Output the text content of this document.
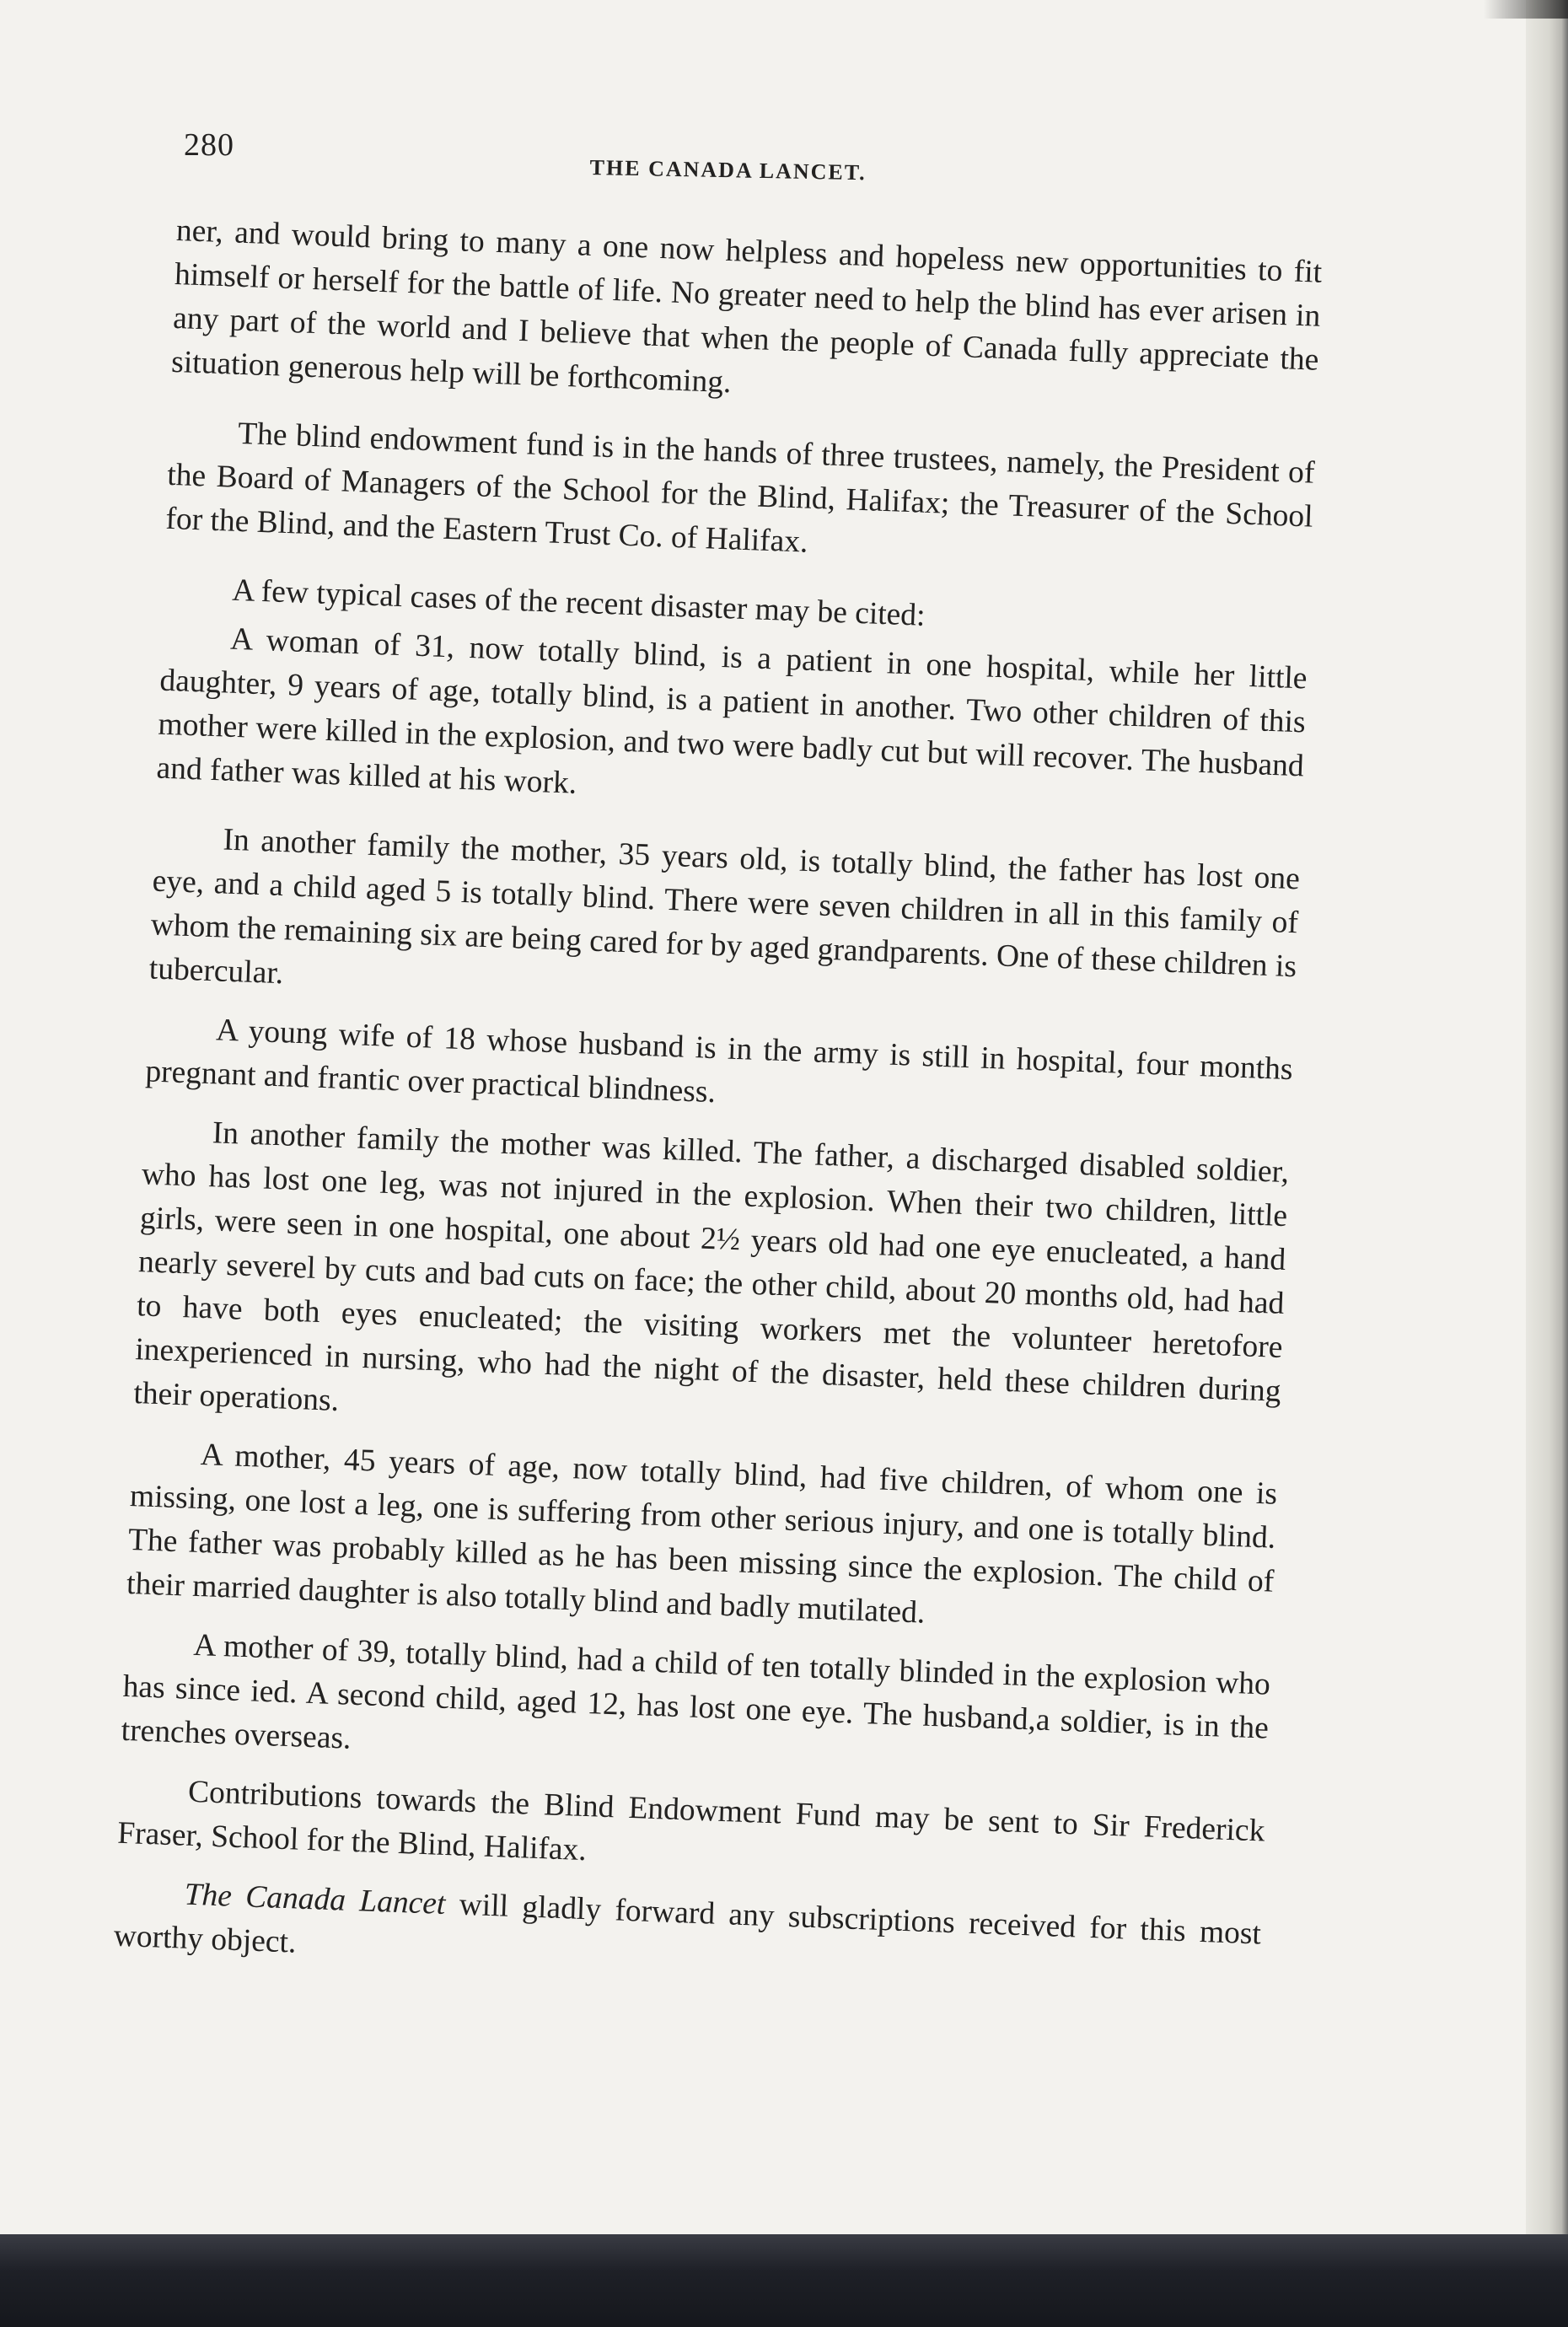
280
THE CANADA LANCET.

ner, and would bring to many a one now helpless and hopeless new opportunities to fit himself or herself for the battle of life. No greater need to help the blind has ever arisen in any part of the world and I believe that when the people of Canada fully appreciate the situation generous help will be forthcoming.

The blind endowment fund is in the hands of three trustees, namely, the President of the Board of Managers of the School for the Blind, Halifax; the Treasurer of the School for the Blind, and the Eastern Trust Co. of Halifax.

A few typical cases of the recent disaster may be cited:

A woman of 31, now totally blind, is a patient in one hospital, while her little daughter, 9 years of age, totally blind, is a patient in another. Two other children of this mother were killed in the explosion, and two were badly cut but will recover. The husband and father was killed at his work.

In another family the mother, 35 years old, is totally blind, the father has lost one eye, and a child aged 5 is totally blind. There were seven children in all in this family of whom the remaining six are being cared for by aged grandparents. One of these children is tubercular.

A young wife of 18 whose husband is in the army is still in hospital, four months pregnant and frantic over practical blindness.

In another family the mother was killed. The father, a discharged disabled soldier, who has lost one leg, was not injured in the explosion. When their two children, little girls, were seen in one hospital, one about 2½ years old had one eye enucleated, a hand nearly severel by cuts and bad cuts on face; the other child, about 20 months old, had had to have both eyes enucleated; the visiting workers met the volunteer heretofore inexperienced in nursing, who had the night of the disaster, held these children during their operations.

A mother, 45 years of age, now totally blind, had five children, of whom one is missing, one lost a leg, one is suffering from other serious injury, and one is totally blind. The father was probably killed as he has been missing since the explosion. The child of their married daughter is also totally blind and badly mutilated.

A mother of 39, totally blind, had a child of ten totally blinded in the explosion who has since ied. A second child, aged 12, has lost one eye. The husband,a soldier, is in the trenches overseas.

Contributions towards the Blind Endowment Fund may be sent to Sir Frederick Fraser, School for the Blind, Halifax.

The Canada Lancet will gladly forward any subscriptions received for this most worthy object.
